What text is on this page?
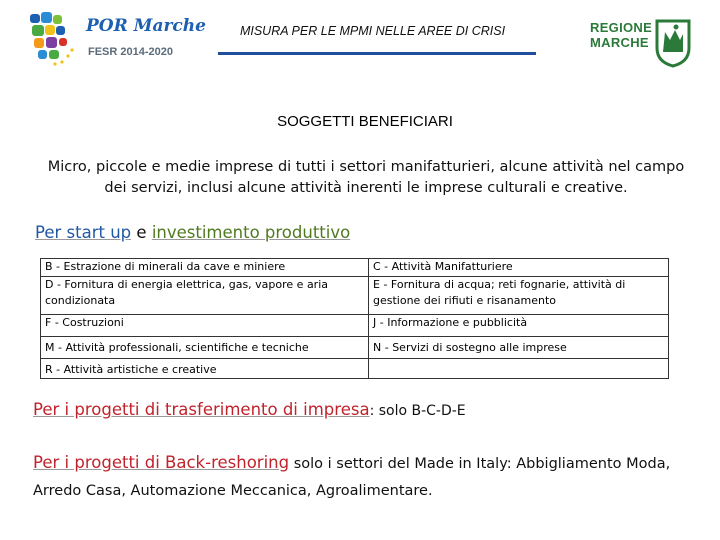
POR Marche
FESR 2014-2020
MISURA PER LE MPMI NELLE AREE DI CRISI	REGIONE
MARCHE
SOGGETTI BENEFICIARI
Micro, piccole e medie imprese di tutti i settori manifatturieri, alcune attività nel campo dei servizi, inclusi alcune attività inerenti le imprese culturali e creative.
Per start up e investimento produttivo
B - Estrazione di minerali da cave e miniere	C - Attività Manifatturiere
D - Fornitura di energia elettrica, gas, vapore e aria condizionata	E - Fornitura di acqua; reti fognarie, attività di gestione dei rifiuti e risanamento
F - Costruzioni	J - Informazione e pubblicità
M - Attività professionali, scientifiche e tecniche	N - Servizi di sostegno alle imprese
R - Attività artistiche e creative	
Per i progetti di trasferimento di impresa: solo B-C-D-E
Per i progetti di Back-reshoring solo i settori del Made in Italy: Abbigliamento Moda, Arredo Casa, Automazione Meccanica, Agroalimentare.
